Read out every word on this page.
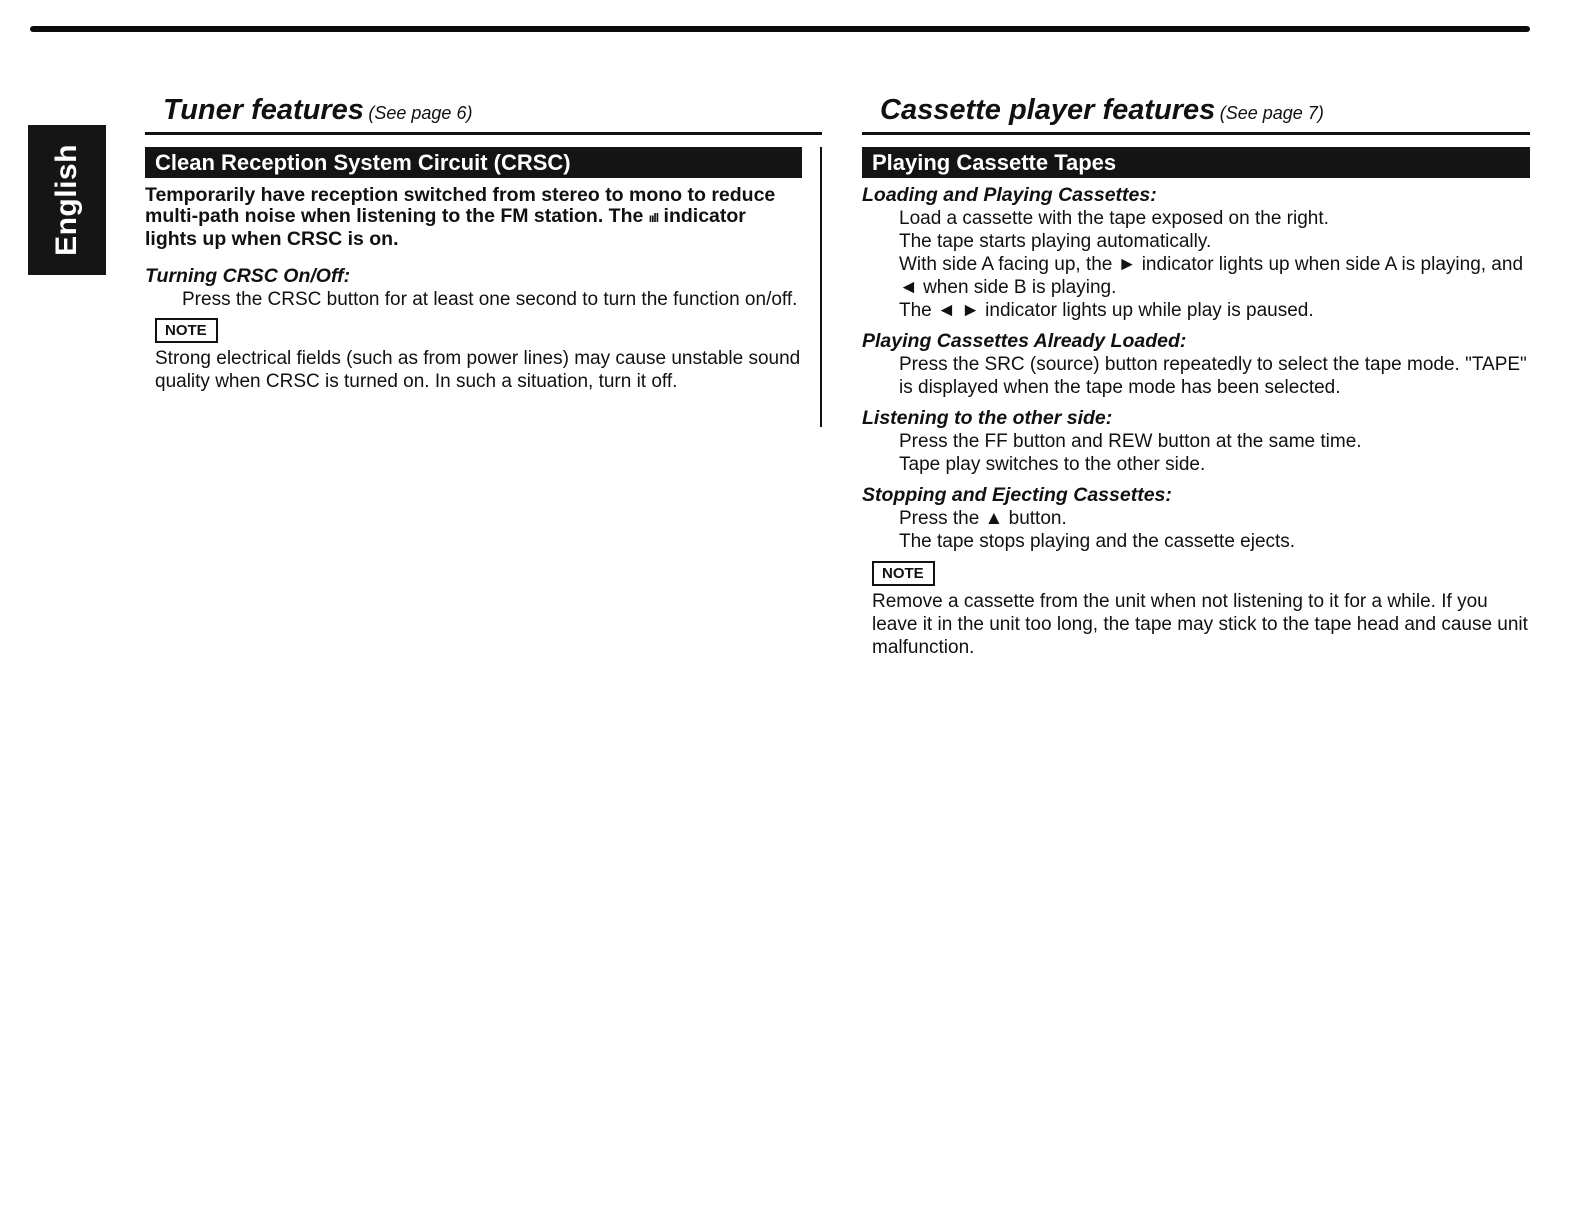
English
Tuner features (See page 6)
Clean Reception System Circuit (CRSC)

Temporarily have reception switched from stereo to mono to reduce multi-path noise when listening to the FM station. The ııll indicator lights up when CRSC is on.

Turning CRSC On/Off:

Press the CRSC button for at least one second to turn the function on/off.

NOTE

Strong electrical fields (such as from power lines) may cause unstable sound quality when CRSC is turned on. In such a situation, turn it off.

Cassette player features (See page 7)
Playing Cassette Tapes

Loading and Playing Cassettes:

Load a cassette with the tape exposed on the right.

The tape starts playing automatically.

With side A facing up, the ► indicator lights up when side A is playing, and ◄ when side B is playing.

The ◄ ► indicator lights up while play is paused.

Playing Cassettes Already Loaded:

Press the SRC (source) button repeatedly to select the tape mode. "TAPE" is displayed when the tape mode has been selected.

Listening to the other side:

Press the FF button and REW button at the same time.

Tape play switches to the other side.

Stopping and Ejecting Cassettes:

Press the ▲ button.

The tape stops playing and the cassette ejects.

NOTE

Remove a cassette from the unit when not listening to it for a while. If you leave it in the unit too long, the tape may stick to the tape head and cause unit malfunction.
